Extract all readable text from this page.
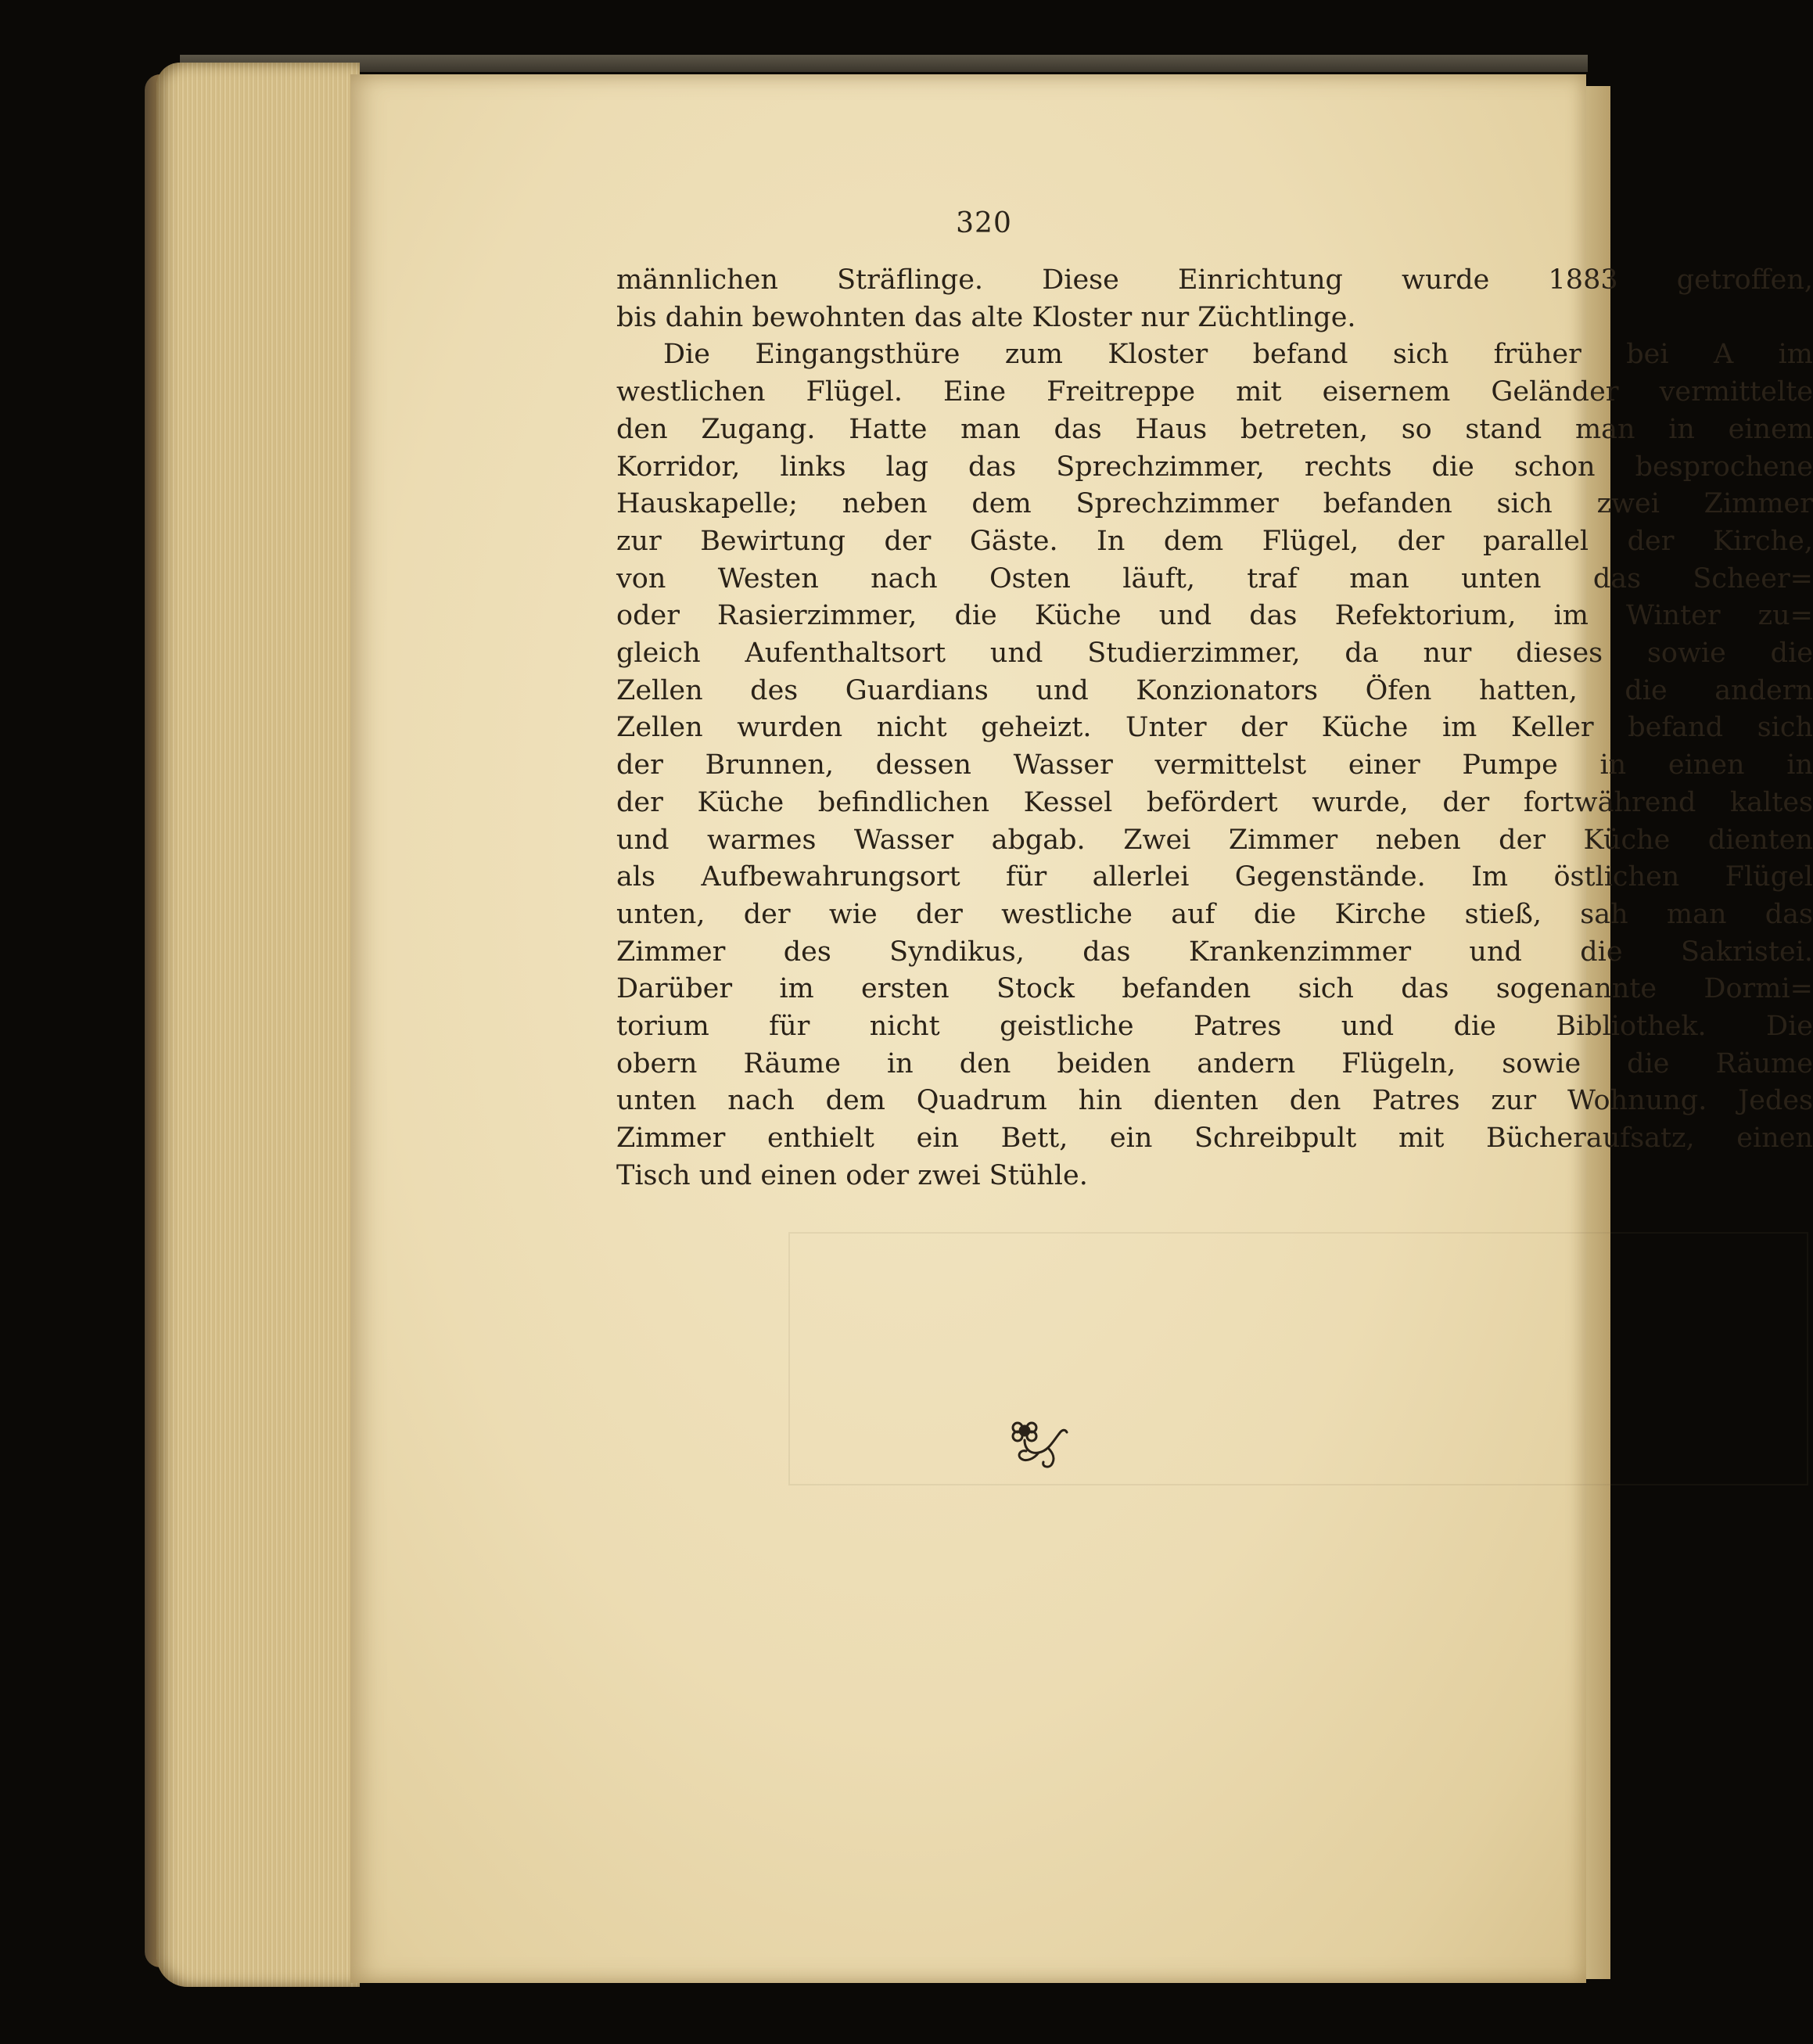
320
männlichen Sträflinge. Diese Einrichtung wurde 1883 getroffen,
bis dahin bewohnten das alte Kloster nur Züchtlinge.
Die Eingangsthüre zum Kloster befand sich früher bei A im
westlichen Flügel. Eine Freitreppe mit eisernem Geländer vermittelte
den Zugang. Hatte man das Haus betreten, so stand man in einem
Korridor, links lag das Sprechzimmer, rechts die schon besprochene
Hauskapelle; neben dem Sprechzimmer befanden sich zwei Zimmer
zur Bewirtung der Gäste. In dem Flügel, der parallel der Kirche,
von Westen nach Osten läuft, traf man unten das Scheer=
oder Rasierzimmer, die Küche und das Refektorium, im Winter zu=
gleich Aufenthaltsort und Studierzimmer, da nur dieses sowie die
Zellen des Guardians und Konzionators Öfen hatten, die andern
Zellen wurden nicht geheizt. Unter der Küche im Keller befand sich
der Brunnen, dessen Wasser vermittelst einer Pumpe in einen in
der Küche befindlichen Kessel befördert wurde, der fortwährend kaltes
und warmes Wasser abgab. Zwei Zimmer neben der Küche dienten
als Aufbewahrungsort für allerlei Gegenstände. Im östlichen Flügel
unten, der wie der westliche auf die Kirche stieß, sah man das
Zimmer des Syndikus, das Krankenzimmer und die Sakristei.
Darüber im ersten Stock befanden sich das sogenannte Dormi=
torium für nicht geistliche Patres und die Bibliothek. Die
obern Räume in den beiden andern Flügeln, sowie die Räume
unten nach dem Quadrum hin dienten den Patres zur Wohnung. Jedes
Zimmer enthielt ein Bett, ein Schreibpult mit Bücheraufsatz, einen
Tisch und einen oder zwei Stühle.
